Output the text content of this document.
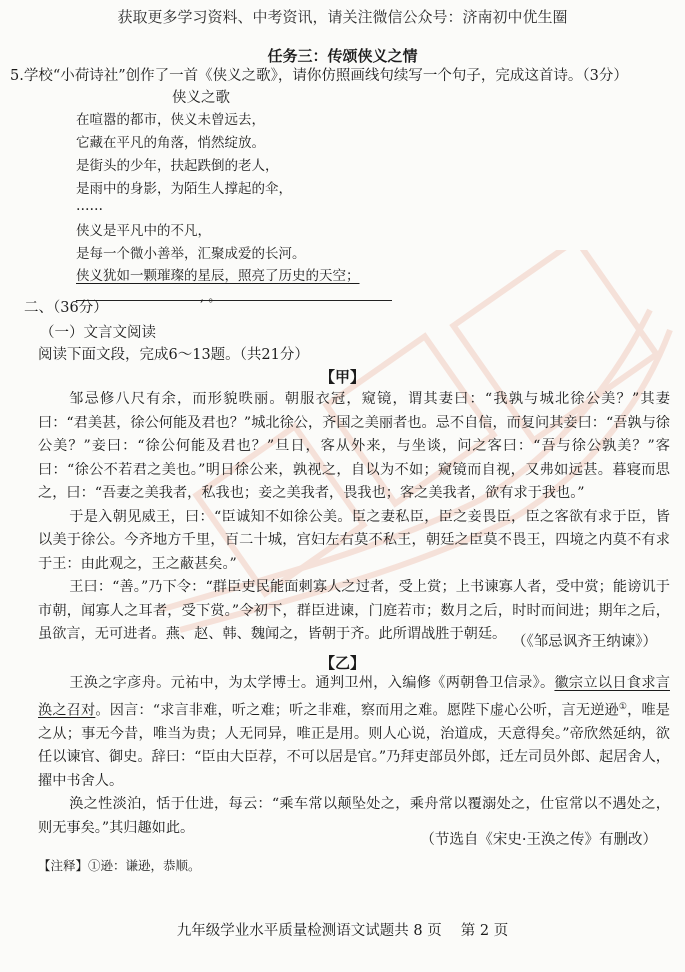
获取更多学习资料、中考资讯，请关注微信公众号：济南初中优生圈
任务三：传颂侠义之情
5.学校“小荷诗社”创作了一首《侠义之歌》，请你仿照画线句续写一个句子，完成这首诗。（3分）
侠义之歌
在喧嚣的都市，侠义未曾远去，
它藏在平凡的角落，悄然绽放。
是街头的少年，扶起跌倒的老人，
是雨中的身影，为陌生人撑起的伞，
……
侠义是平凡中的不凡，
是每一个微小善举，汇聚成爱的长河。
侠义犹如一颗璀璨的星辰，照亮了历史的天空；
, 。
二、（36分）
（一）文言文阅读
阅读下面文段，完成6～13题。（共21分）
【甲】

邹忌修八尺有余，而形貌昳丽。朝服衣冠，窥镜，谓其妻曰：“我孰与城北徐公美？”其妻曰：“君美甚，徐公何能及君也？”城北徐公，齐国之美丽者也。忌不自信，而复问其妾曰：“吾孰与徐公美？”妾曰：“徐公何能及君也？”旦日，客从外来，与坐谈，问之客曰：“吾与徐公孰美？”客曰：“徐公不若君之美也。”明日徐公来，孰视之，自以为不如；窥镜而自视，又弗如远甚。暮寝而思之，曰：“吾妻之美我者，私我也；妾之美我者，畏我也；客之美我者，欲有求于我也。”

于是入朝见威王，曰：“臣诚知不如徐公美。臣之妻私臣，臣之妾畏臣，臣之客欲有求于臣，皆以美于徐公。今齐地方千里，百二十城，宫妇左右莫不私王，朝廷之臣莫不畏王，四境之内莫不有求于王：由此观之，王之蔽甚矣。”

王曰：“善。”乃下令：“群臣吏民能面刺寡人之过者，受上赏；上书谏寡人者，受中赏；能谤讥于市朝，闻寡人之耳者，受下赏。”令初下，群臣进谏，门庭若市；数月之后，时时而间进；期年之后，虽欲言，无可进者。燕、赵、韩、魏闻之，皆朝于齐。此所谓战胜于朝廷。 （《邹忌讽齐王纳谏》）
【乙】

王涣之字彦舟。元祐中，为太学博士。通判卫州，入编修《两朝鲁卫信录》。徽宗立以日食求言涣之召对。因言：“求言非难，听之难；听之非难，察而用之难。愿陛下虚心公听，言无逆逊①，唯是之从；事无今昔，唯当为贵；人无同异，唯正是用。则人心说，治道成，天意得矣。”帝欣然延纳，欲任以谏官、御史。辞曰：“臣由大臣荐，不可以居是官。”乃拜吏部员外郎，迁左司员外郎、起居舍人，擢中书舍人。

涣之性淡泊，恬于仕进，每云：“乘车常以颠坠处之，乘舟常以覆溺处之，仕宦常以不遇处之，则无事矣。”其归趣如此。

（节选自《宋史·王涣之传》有删改）
【注释】①逊：谦逊，恭顺。
九年级学业水平质量检测语文试题共 8 页　 第 2 页
